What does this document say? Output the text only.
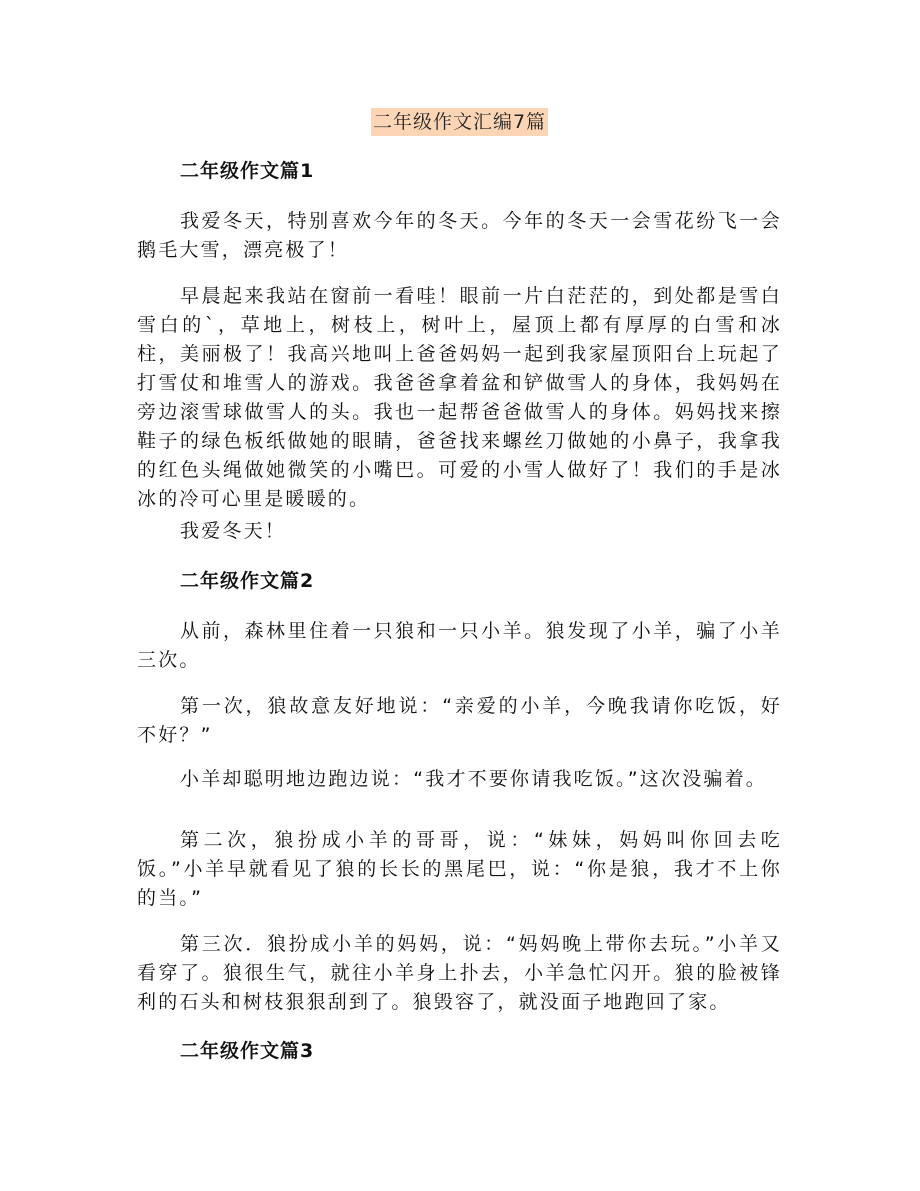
二年级作文汇编7篇

二年级作文篇1

我爱冬天，特别喜欢今年的冬天。今年的冬天一会雪花纷飞一会鹅毛大雪，漂亮极了！

早晨起来我站在窗前一看哇！眼前一片白茫茫的，到处都是雪白雪白的`，草地上，树枝上，树叶上，屋顶上都有厚厚的白雪和冰柱，美丽极了！我高兴地叫上爸爸妈妈一起到我家屋顶阳台上玩起了打雪仗和堆雪人的游戏。我爸爸拿着盆和铲做雪人的身体，我妈妈在旁边滚雪球做雪人的头。我也一起帮爸爸做雪人的身体。妈妈找来擦鞋子的绿色板纸做她的眼睛，爸爸找来螺丝刀做她的小鼻子，我拿我的红色头绳做她微笑的小嘴巴。可爱的小雪人做好了！我们的手是冰冰的冷可心里是暖暖的。

我爱冬天！

二年级作文篇2

从前，森林里住着一只狼和一只小羊。狼发现了小羊，骗了小羊三次。

第一次，狼故意友好地说：“亲爱的小羊，今晚我请你吃饭，好不好？”

小羊却聪明地边跑边说：“我才不要你请我吃饭。”这次没骗着。

第二次，狼扮成小羊的哥哥，说：“妹妹，妈妈叫你回去吃饭。”小羊早就看见了狼的长长的黑尾巴，说：“你是狼，我才不上你的当。”

第三次．狼扮成小羊的妈妈，说：“妈妈晚上带你去玩。”小羊又看穿了。狼很生气，就往小羊身上扑去，小羊急忙闪开。狼的脸被锋利的石头和树枝狠狠刮到了。狼毁容了，就没面子地跑回了家。

二年级作文篇3
